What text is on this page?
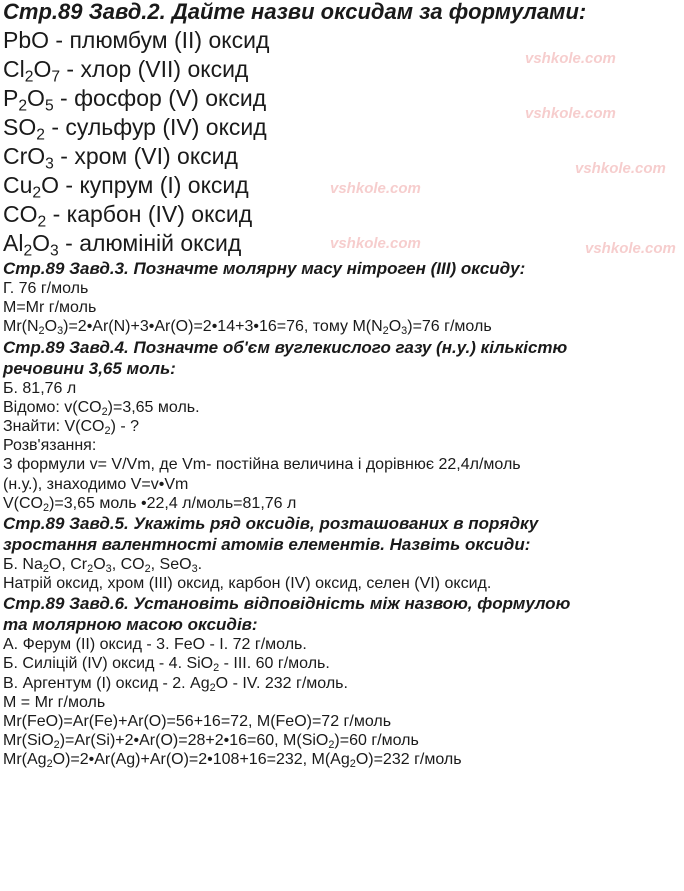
Стр.89 Завд.2. Дайте назви оксидам за формулами:
PbO - плюмбум (II) оксид
$Cl_2O_7$ - хлор (VII) оксид
$P_2O_5$ - фосфор (V) оксид
$SO_2$ - сульфур (IV) оксид
CrO$_3$ - хром (VI) оксид
$Cu_2O$ - купрум (I) оксид
$CO_2$ - карбон (IV) оксид
$Al_2O_3$ - алюміній оксид
Стр.89 Завд.3. Позначте молярну масу нітроген (ІІІ) оксиду:
Г. 76 г/моль
M=Mr г/моль
$Mr(N_2O_3)=2•Ar(N)+3•Ar(O)=2•14+3•16=76$, тому $M(N_2O_3)=76$ г/моль
Стр.89 Завд.4. Позначте об'єм вуглекислого газу (н.у.) кількістю
речовини 3,65 моль:
Б. 81,76 л
Відомо: $v(CO_2)=3,65$ моль.
Знайти: $V(CO_2)$ - ?
Розв'язання:
З формули v= V/Vm, де Vm- постійна величина і дорівнює 22,4л/моль
(н.у.), знаходимо V=v•Vm
$V(CO_2)=3,65$ моль •22,4 л/моль=81,76 л
Стр.89 Завд.5. Укажіть ряд оксидів, розташованих в порядку
зростання валентності атомів елементів. Назвіть оксиди:
Б. $Na_2O$, $Cr_2O_3$, $CO_2$, SeO$_3$.
Натрій оксид, хром (ІІІ) оксид, карбон (IV) оксид, селен (VI) оксид.
Стр.89 Завд.6. Установіть відповідність між назвою, формулою
та молярною масою оксидів:
А. Ферум (ІІ) оксид - 3. FeO - I. 72 г/моль.
Б. Силіцій (IV) оксид - 4. SiO$_2$ - III. 60 г/моль.
В. Аргентум (І) оксид - 2. $Ag_2O$ - IV. 232 г/моль.
M = Mr г/моль
Mr(FeO)=Ar(Fe)+Ar(O)=56+16=72, M(FeO)=72 г/моль
Mr(SiO$_2$)=Ar(Si)+2•Ar(O)=28+2•16=60, M(SiO$_2$)=60 г/моль
$Mr(Ag_2O)=2•Ar(Ag)+Ar(O)=2•108+16=232$, $M(Ag_2O)=232$ г/моль
vshkole.com
vshkole.com
vshkole.com
vshkole.com
vshkole.com	vshkole.com
